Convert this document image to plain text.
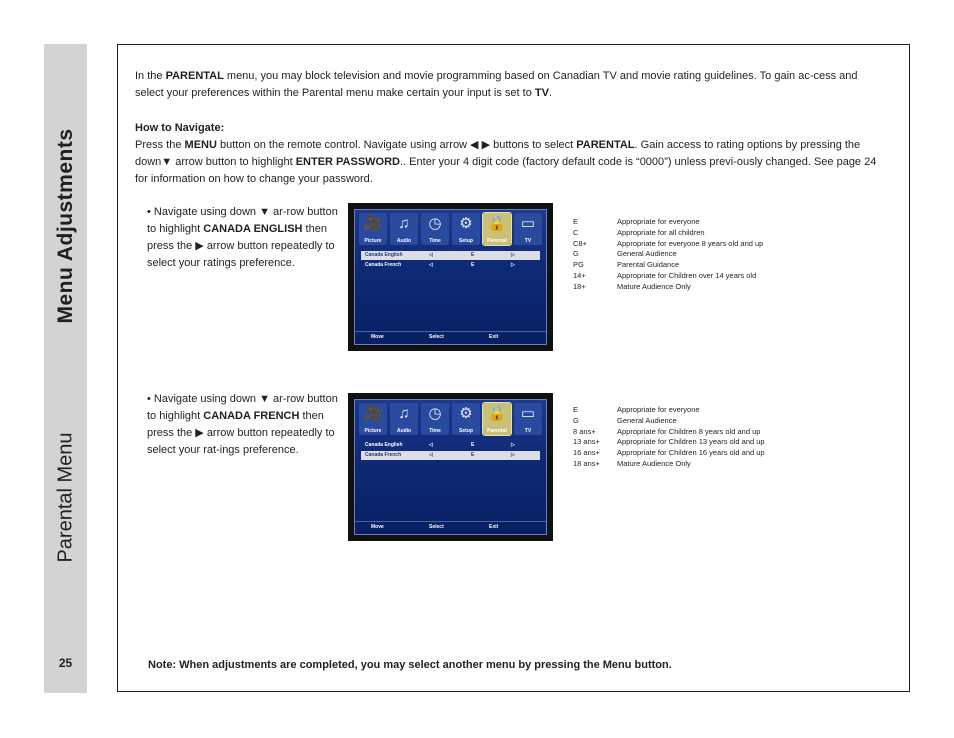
Menu Adjustments
Parental Menu
25
In the PARENTAL menu, you may block television and movie programming based on Canadian TV and movie rating guidelines. To gain ac-cess and select your preferences within the Parental menu make certain your input is set to TV.
How to Navigate:
Press the MENU button on the remote control. Navigate using arrow ◀ ▶ buttons to select PARENTAL. Gain access to rating options by pressing the down▼ arrow button to highlight ENTER PASSWORD.. Enter your 4 digit code (factory default code is “0000”) unless previ-ously changed. See page 24 for information on how to change your password.
• Navigate using down ▼ ar-row button to highlight CANADA ENGLISH then press the ▶ arrow button repeatedly to select your ratings preference.
🎥
Picture
♫
Audio
◷
Time
⚙
Setup
🔒
Parental
▭
TV
Canada English	◁	E	▷
Canada French	◁	E	▷
Move	Select	Exit
E	Appropriate for everyone
C	Appropriate for all children
C8+	Appropriate for everyone 8 years old and up
G	General Audience
PG	Parental Guidance
14+	Appropriate for Children over 14 years old
18+	Mature Audience Only
• Navigate using down ▼ ar-row button to highlight CANADA FRENCH then press the ▶ arrow button repeatedly to select your rat-ings preference.
🎥
Picture
♫
Audio
◷
Time
⚙
Setup
🔒
Parental
▭
TV
Canada English	◁	E	▷
Canada French	◁	E	▷
Move	Select	Exit
E	Appropriate for everyone
G	General Audience
8 ans+	Appropriate for Children 8 years old and up
13 ans+	Appropriate for Children 13 years old and up
16 ans+	Appropriate for Children 16 years old and up
18 ans+	Mature Audience Only
Note: When adjustments are completed, you may select another menu by pressing the Menu button.
